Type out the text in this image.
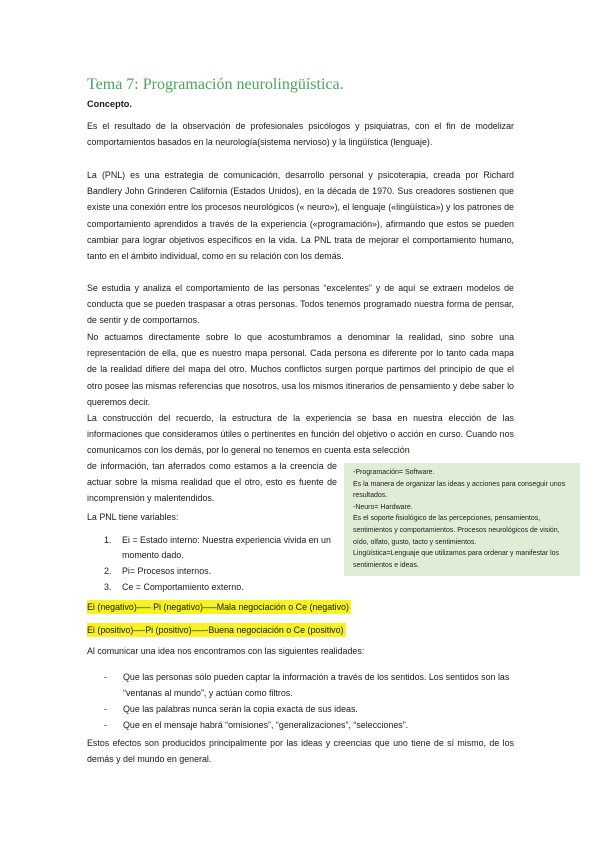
Tema 7: Programación neurolingüística.

Concepto.

Es el resultado de la observación de profesionales psicólogos y psiquiatras, con el fin de modelizar comportamientos basados en la neurología(sistema nervioso) y la lingüística (lenguaje).

La (PNL) es una estrategia de comunicación, desarrollo personal y psicoterapia, creada por Richard Bandlery John Grinderen California (Estados Unidos), en la década de 1970. Sus creadores sostienen que existe una conexión entre los procesos neurológicos (« neuro»), el lenguaje («lingüística») y los patrones de comportamiento aprendidos a través de la experiencia («programación»), afirmando que estos se pueden cambiar para lograr objetivos específicos en la vida. La PNL trata de mejorar el comportamiento humano, tanto en el ámbito individual, como en su relación con los demás.

Se estudia y analiza el comportamiento de las personas “excelentes” y de aquí se extraen modelos de conducta que se pueden traspasar a otras personas. Todos tenemos programado nuestra forma de pensar, de sentir y de comportarnos.

No actuamos directamente sobre lo que acostumbramos a denominar la realidad, sino sobre una representación de ella, que es nuestro mapa personal. Cada persona es diferente por lo tanto cada mapa de la realidad difiere del mapa del otro. Muchos conflictos surgen porque partimos del principio de que el otro posee las mismas referencias que nosotros, usa los mismos itinerarios de pensamiento y debe saber lo queremos decir.

La construcción del recuerdo, la estructura de la experiencia se basa en nuestra elección de las informaciones que consideramos útiles o pertinentes en función del objetivo o acción en curso. Cuando nos comunicamos con los demás, por lo general no tenemos en cuenta esta selección

de información, tan aferrados como estamos a la creencia de actuar sobre la misma realidad que el otro, esto es fuente de incomprensión y malentendidos.

La PNL tiene variables:

1. Ei = Estado interno: Nuestra experiencia vivida en un momento dado.
2. Pi= Procesos internos.
3. Ce = Comportamiento externo.
-Programación= Software.
Es la manera de organizar las ideas y acciones para conseguir unos resultados.
-Neuro= Hardware.
Es el soporte fisiológico de las percepciones, pensamientos, sentimientos y comportamientos. Procesos neurológicos de visión, oído, olfato, gusto, tacto y sentimientos.
Lingüística=Lenguaje que utilizamos para ordenar y manifestar los sentimientos e ideas.

Ei (negativo)—– Pi (negativo)—–Mala negociación o Ce (negativo)

Ei (positivo)—-Pi (positivo)—–-Buena negociación o Ce (positivo)

Al comunicar una idea nos encontramos con las siguientes realidades:

- Que las personas sólo pueden captar la información a través de los sentidos. Los sentidos son las “ventanas al mundo”, y actúan como filtros.
- Que las palabras nunca serán la copia exacta de sus ideas.
- Que en el mensaje habrá “omisiones”, “generalizaciones”, “selecciones”.

Estos efectos son producidos principalmente por las ideas y creencias que uno tiene de sí mismo, de los demás y del mundo en general.
